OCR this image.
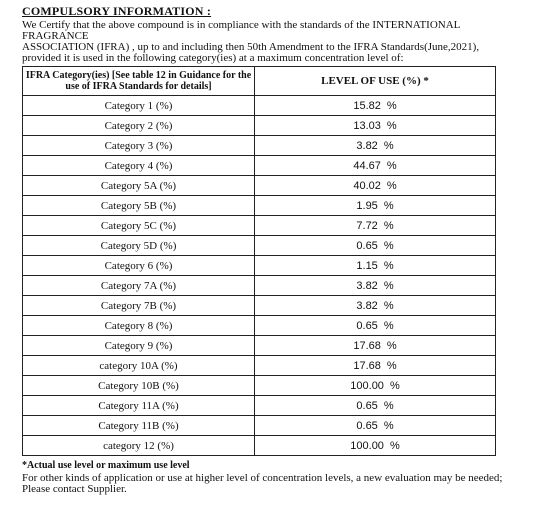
COMPULSORY INFORMATION :
We Certify that the above compound is in compliance with the standards of the INTERNATIONAL FRAGRANCE
ASSOCIATION (IFRA) , up to and including then 50th Amendment to the IFRA Standards(June,2021),
provided it is used in the following category(ies) at a maximum concentration level of:
IFRA Category(ies) [See table 12 in Guidance for the use of IFRA Standards for details]	LEVEL OF USE (%) *
Category 1 (%)	15.82 %
Category 2 (%)	13.03 %
Category 3 (%)	3.82 %
Category 4 (%)	44.67 %
Category 5A (%)	40.02 %
Category 5B (%)	1.95 %
Category 5C (%)	7.72 %
Category 5D (%)	0.65 %
Category 6 (%)	1.15 %
Category 7A (%)	3.82 %
Category 7B (%)	3.82 %
Category 8 (%)	0.65 %
Category 9 (%)	17.68 %
category 10A (%)	17.68 %
Category 10B (%)	100.00 %
Category 11A (%)	0.65 %
Category 11B (%)	0.65 %
category 12 (%)	100.00 %
*Actual use level or maximum use level
For other kinds of application or use at higher level of concentration levels, a new evaluation may be needed;
Please contact Supplier.
